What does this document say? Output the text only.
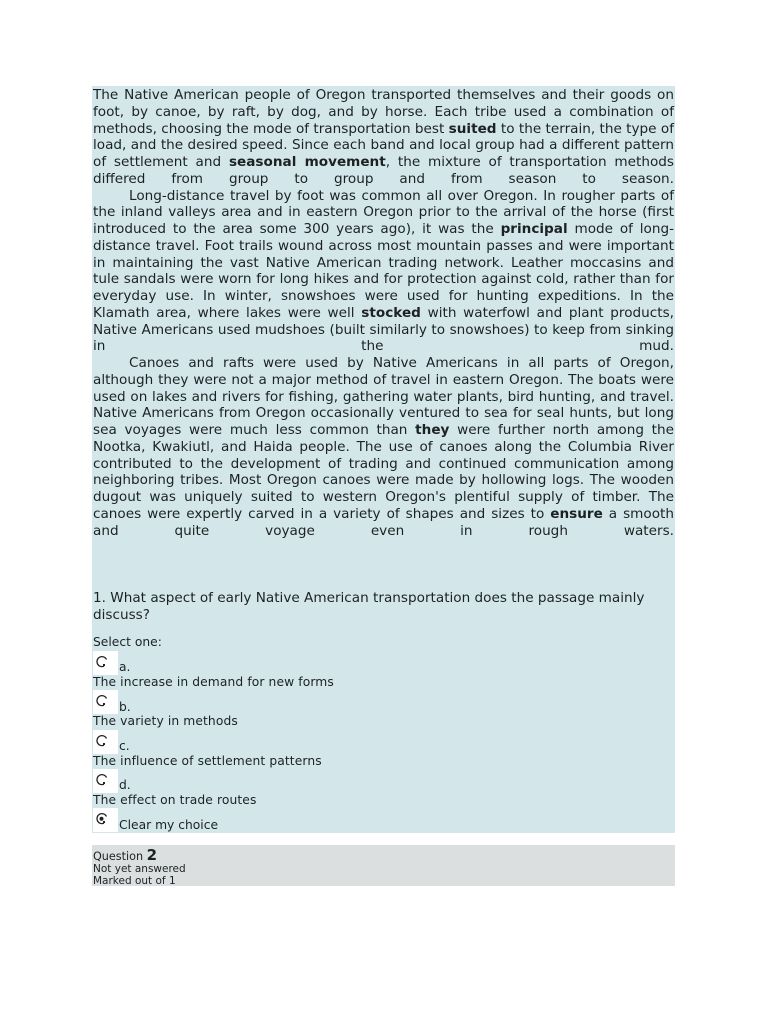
The Native American people of Oregon transported themselves and their goods on foot, by canoe, by raft, by dog, and by horse. Each tribe used a combination of methods, choosing the mode of transportation best suited to the terrain, the type of load, and the desired speed. Since each band and local group had a different pattern of settlement and seasonal movement, the mixture of transportation methods differed from group to group and from season to season.

Long-distance travel by foot was common all over Oregon. In rougher parts of the inland valleys area and in eastern Oregon prior to the arrival of the horse (first introduced to the area some 300 years ago), it was the principal mode of long-distance travel. Foot trails wound across most mountain passes and were important in maintaining the vast Native American trading network. Leather moccasins and tule sandals were worn for long hikes and for protection against cold, rather than for everyday use. In winter, snowshoes were used for hunting expeditions. In the Klamath area, where lakes were well stocked with waterfowl and plant products, Native Americans used mudshoes (built similarly to snowshoes) to keep from sinking in the mud.

Canoes and rafts were used by Native Americans in all parts of Oregon, although they were not a major method of travel in eastern Oregon. The boats were used on lakes and rivers for fishing, gathering water plants, bird hunting, and travel. Native Americans from Oregon occasionally ventured to sea for seal hunts, but long sea voyages were much less common than they were further north among the Nootka, Kwakiutl, and Haida people. The use of canoes along the Columbia River contributed to the development of trading and continued communication among neighboring tribes. Most Oregon canoes were made by hollowing logs. The wooden dugout was uniquely suited to western Oregon's plentiful supply of timber. The canoes were expertly carved in a variety of shapes and sizes to ensure a smooth and quite voyage even in rough waters.

1. What aspect of early Native American transportation does the passage mainly discuss?
Select one:
a.
The increase in demand for new forms
b.
The variety in methods
c.
The influence of settlement patterns
d.
The effect on trade routes
Clear my choice
Question 2
Not yet answered
Marked out of 1
